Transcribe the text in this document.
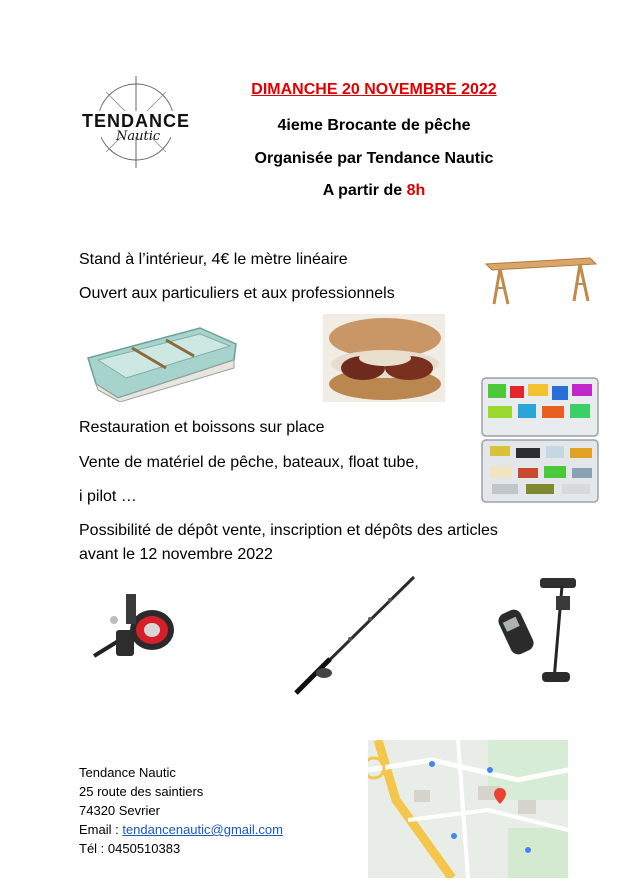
TENDANCE
Nautic
DIMANCHE 20 NOVEMBRE 2022
4ieme Brocante de pêche
Organisée par Tendance Nautic
A partir de 8h
Stand à l’intérieur, 4€ le mètre linéaire
Ouvert aux particuliers et aux professionnels
Restauration et boissons sur place
Vente de matériel de pêche, bateaux, float tube,
i pilot …
Possibilité de dépôt vente, inscription et dépôts des articles
avant le 12 novembre 2022
Tendance Nautic
25 route des saintiers
74320 Sevrier
Email : tendancenautic@gmail.com
Tél : 0450510383
